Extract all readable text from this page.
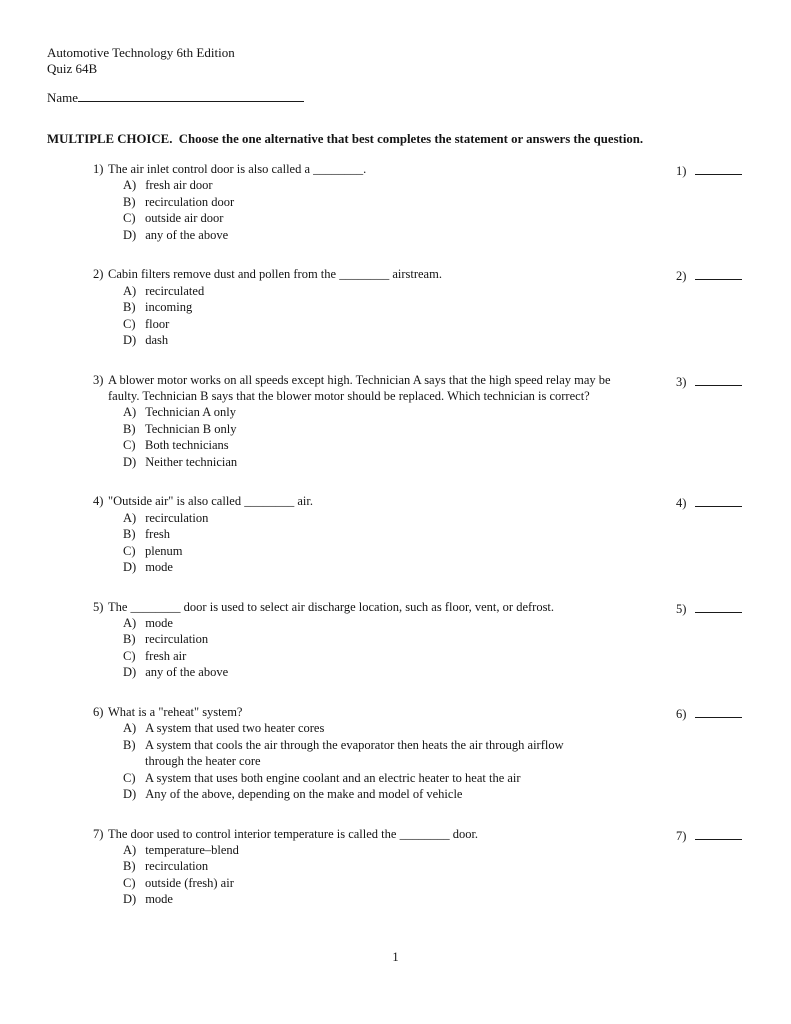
Automotive Technology 6th Edition
Quiz 64B
Name
MULTIPLE CHOICE.  Choose the one alternative that best completes the statement or answers the question.
1) The air inlet control door is also called a ________.
A) fresh air door
B) recirculation door
C) outside air door
D) any of the above
1)
2) Cabin filters remove dust and pollen from the ________ airstream.
A) recirculated
B) incoming
C) floor
D) dash
2)
3) A blower motor works on all speeds except high. Technician A says that the high speed relay may be
faulty. Technician B says that the blower motor should be replaced. Which technician is correct?
A) Technician A only
B) Technician B only
C) Both technicians
D) Neither technician
3)
4) "Outside air" is also called ________ air.
A) recirculation
B) fresh
C) plenum
D) mode
4)
5) The ________ door is used to select air discharge location, such as floor, vent, or defrost.
A) mode
B) recirculation
C) fresh air
D) any of the above
5)
6) What is a "reheat" system?
A) A system that used two heater cores
B) A system that cools the air through the evaporator then heats the air through airflow
through the heater core
C) A system that uses both engine coolant and an electric heater to heat the air
D) Any of the above, depending on the make and model of vehicle
6)
7) The door used to control interior temperature is called the ________ door.
A) temperature–blend
B) recirculation
C) outside (fresh) air
D) mode
7)
1
